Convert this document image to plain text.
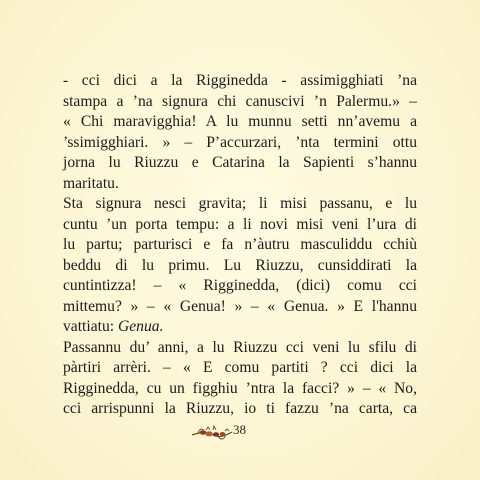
- cci dici a la Rigginedda - assimigghiati ’na
stampa a ’na signura chi canuscivi ’n Palermu.» –
« Chi maravigghia! A lu munnu setti nn’avemu a
’ssimigghiari. » – P’accurzari, ’nta termini ottu
jorna lu Riuzzu e Catarina la Sapienti s’hannu
maritatu.
Sta signura nesci gravita; li misi passanu, e lu
cuntu ’un porta tempu: a li novi misi veni l’ura di
lu partu; parturisci e fa n’àutru masculiddu cchiù
beddu di lu primu. Lu Riuzzu, cunsiddirati la
cuntintizza! – « Rigginedda, (dici) comu cci
mittemu? » – « Genua! » – « Genua. » E l'hannu
vattiatu: Genua.
Passannu du’ anni, a lu Riuzzu cci veni lu sfilu di
pàrtiri arrèri. – « E comu partiti ? cci dici la
Rigginedda, cu un figghiu ’ntra la facci? » – « No,
cci arrispunni la Riuzzu, io ti fazzu ’na carta, ca
38
